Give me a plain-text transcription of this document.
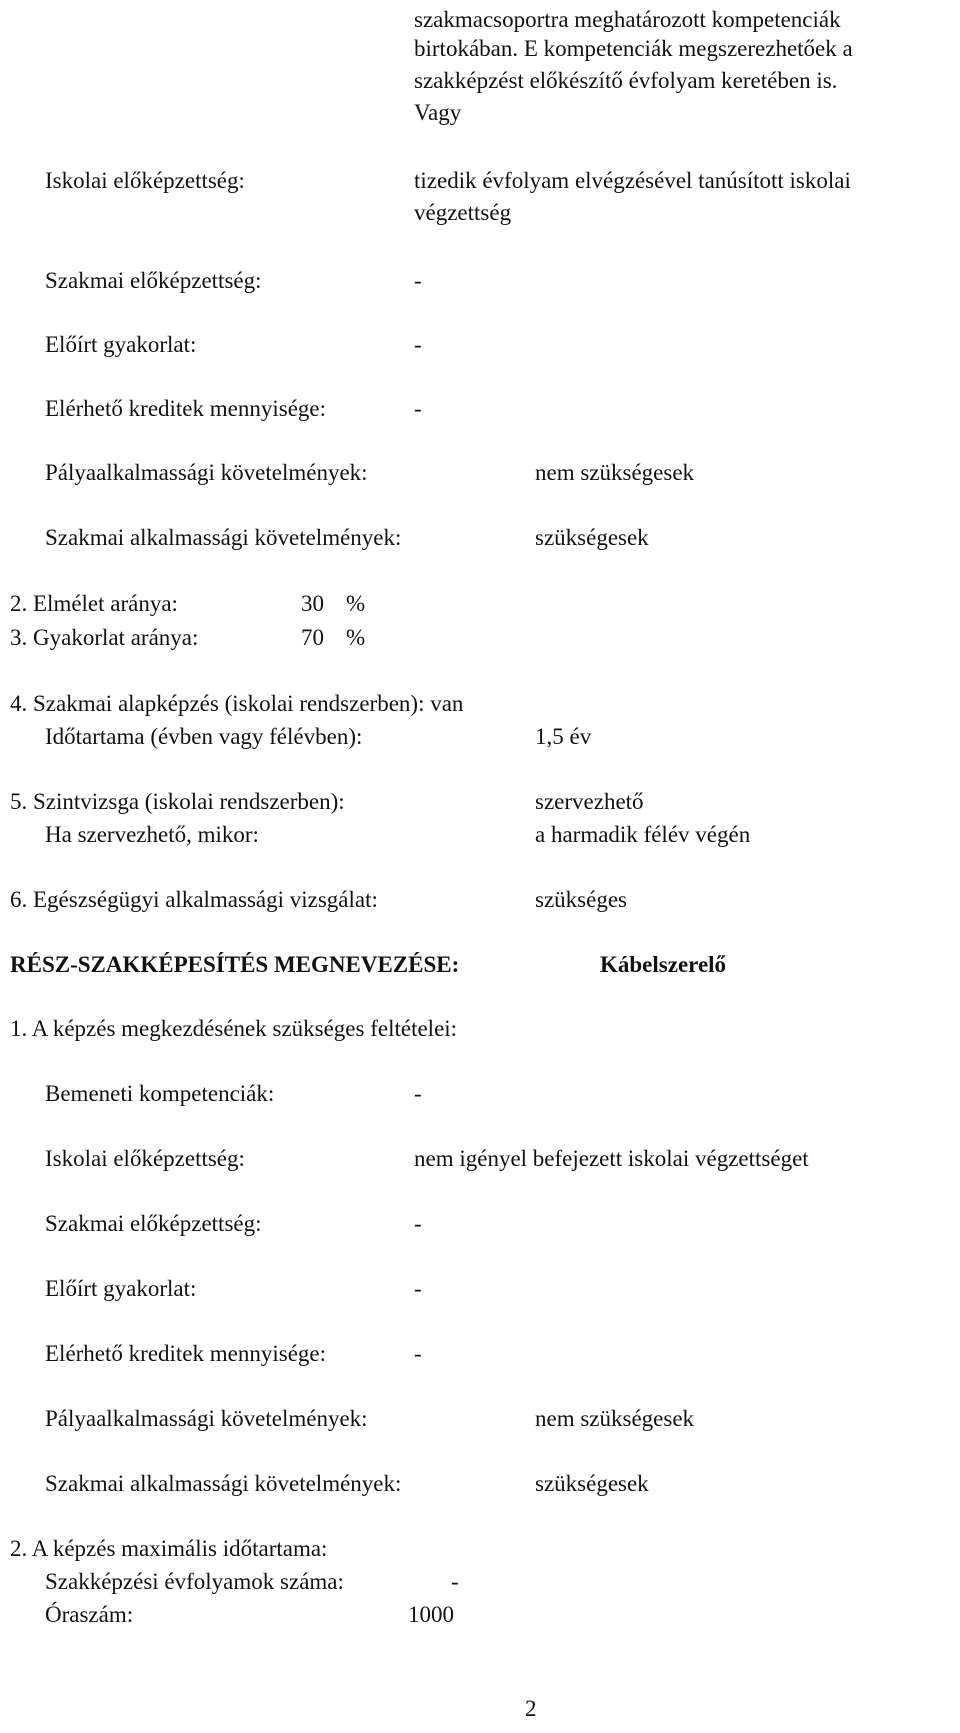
szakmacsoportra meghatározott kompetenciák
birtokában. E kompetenciák megszerezhetőek a
szakképzést előkészítő évfolyam keretében is.
Vagy
Iskolai előképzettség:	tizedik évfolyam elvégzésével tanúsított iskolai
végzettség
Szakmai előképzettség:	-
Előírt gyakorlat:	-
Elérhető kreditek mennyisége:	-
Pályaalkalmassági követelmények:	nem szükségesek
Szakmai alkalmassági követelmények:	szükségesek
2. Elmélet aránya:	30 %
3. Gyakorlat aránya:	70 %
4. Szakmai alapképzés (iskolai rendszerben): van
Időtartama (évben vagy félévben):	1,5 év
5. Szintvizsga (iskolai rendszerben):	szervezhető
Ha szervezhető, mikor:	a harmadik félév végén
6. Egészségügyi alkalmassági vizsgálat:	szükséges
RÉSZ-SZAKKÉPESÍTÉS MEGNEVEZÉSE:	Kábelszerelő
1. A képzés megkezdésének szükséges feltételei:
Bemeneti kompetenciák:	-
Iskolai előképzettség:	nem igényel befejezett iskolai végzettséget
Szakmai előképzettség:	-
Előírt gyakorlat:	-
Elérhető kreditek mennyisége:	-
Pályaalkalmassági követelmények:	nem szükségesek
Szakmai alkalmassági követelmények:	szükségesek
2. A képzés maximális időtartama:
Szakképzési évfolyamok száma:	-
Óraszám:	1000
2
